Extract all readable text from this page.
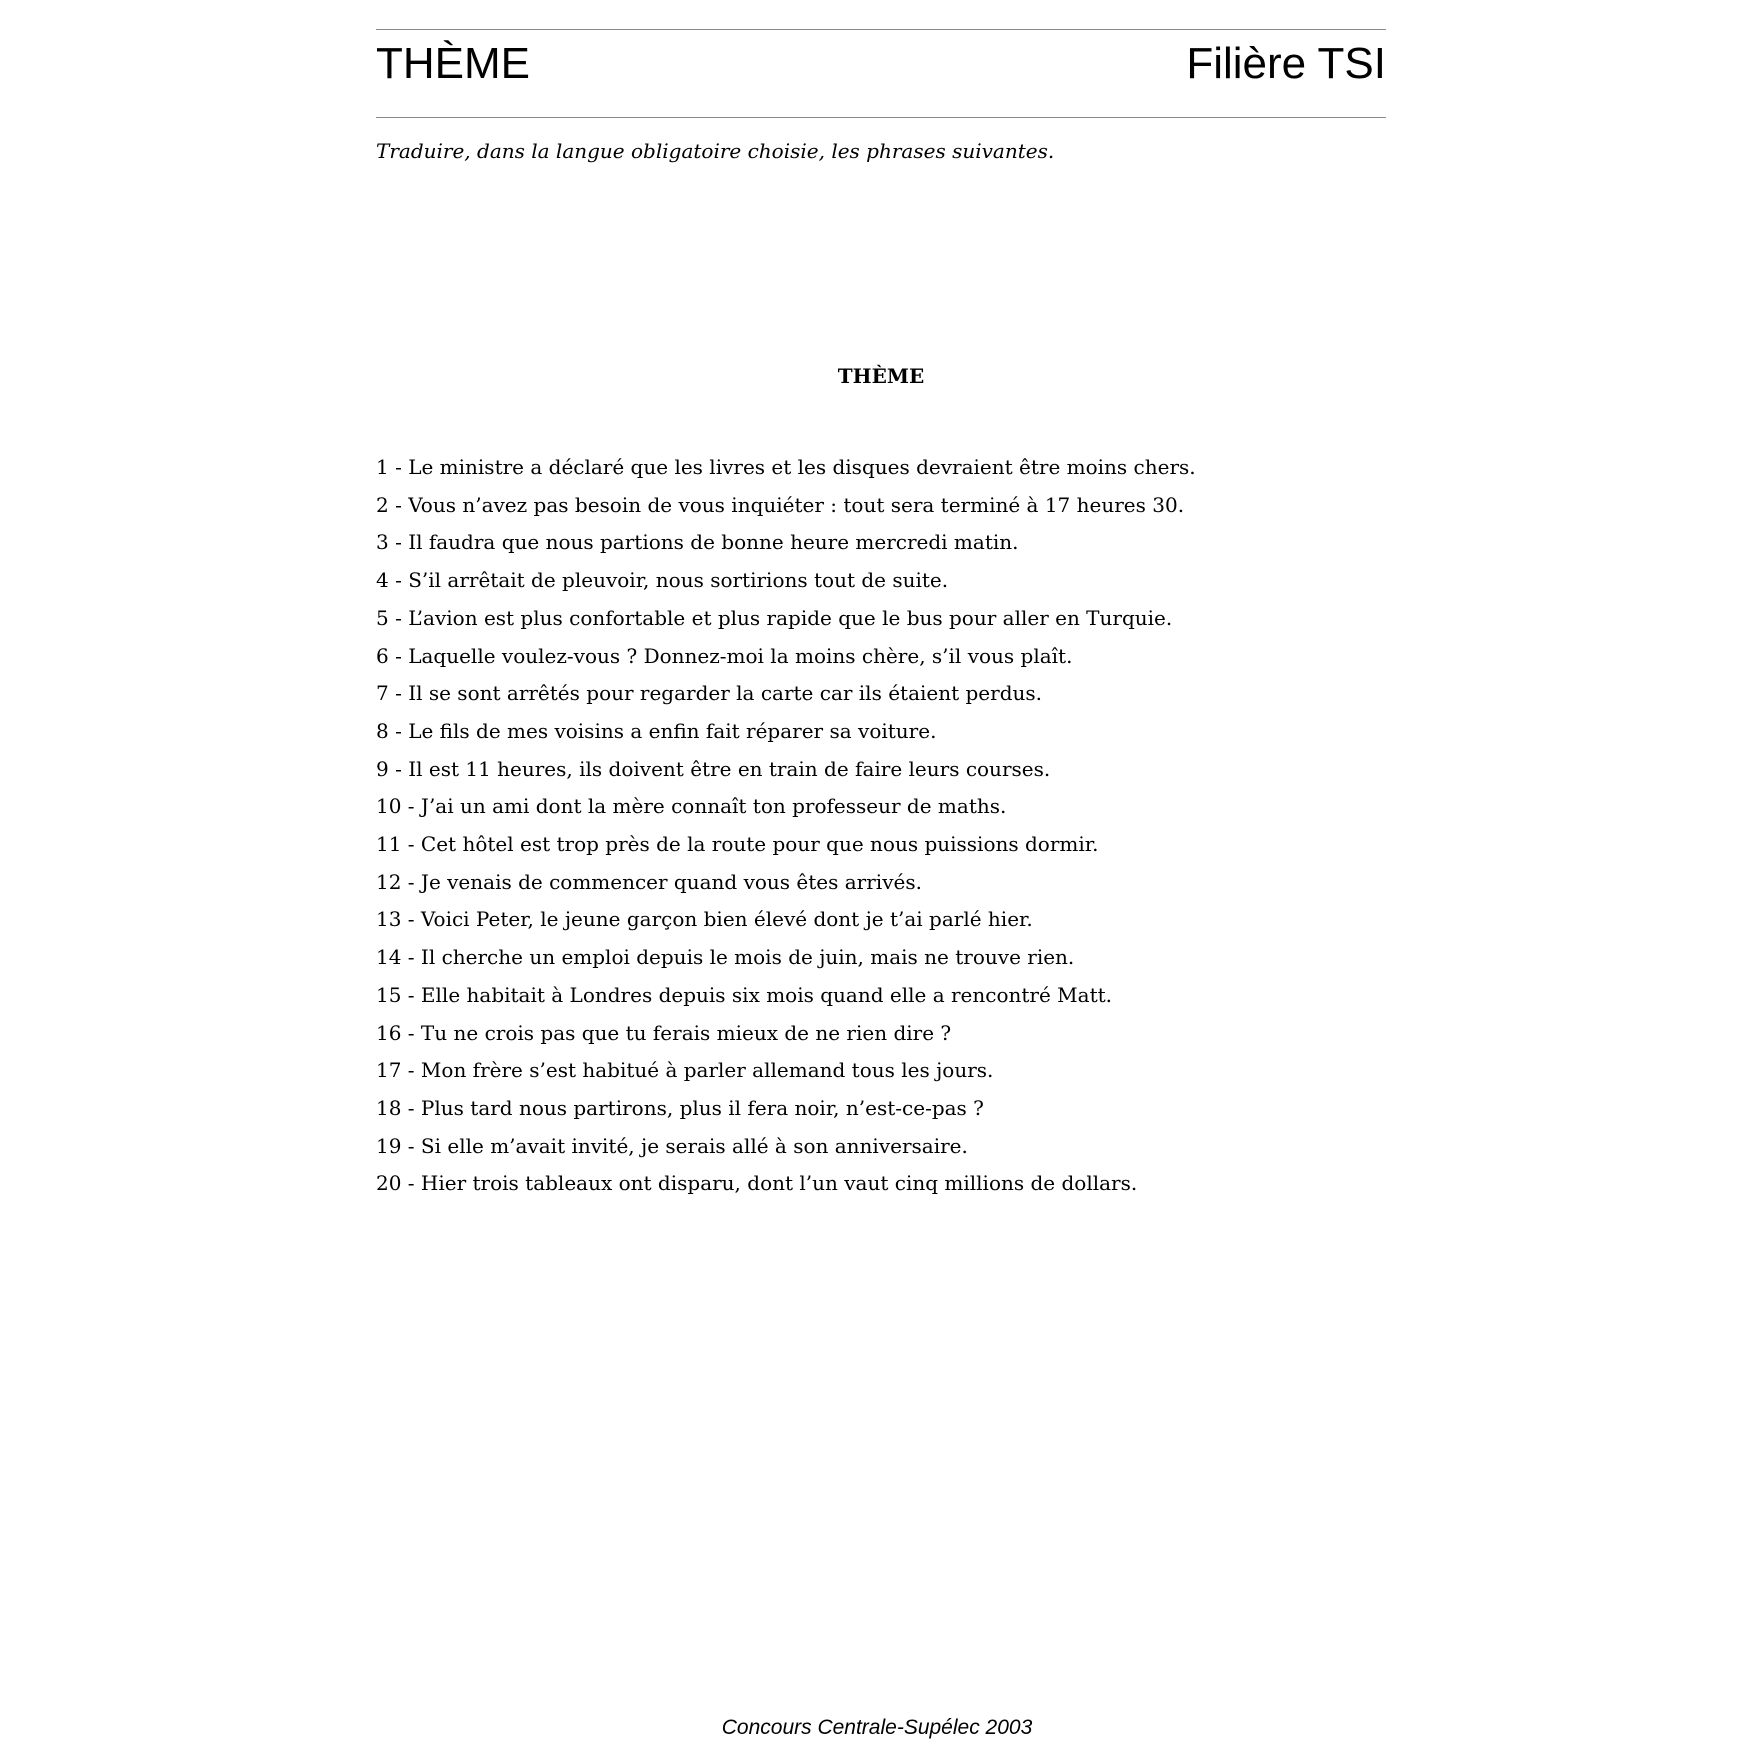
THÈME	Filière TSI
Traduire, dans la langue obligatoire choisie, les phrases suivantes.
THÈME
1 - Le ministre a déclaré que les livres et les disques devraient être moins chers.
2 - Vous n’avez pas besoin de vous inquiéter : tout sera terminé à 17 heures 30.
3 - Il faudra que nous partions de bonne heure mercredi matin.
4 - S’il arrêtait de pleuvoir, nous sortirions tout de suite.
5 - L’avion est plus confortable et plus rapide que le bus pour aller en Turquie.
6 - Laquelle voulez-vous ? Donnez-moi la moins chère, s’il vous plaît.
7 - Il se sont arrêtés pour regarder la carte car ils étaient perdus.
8 - Le fils de mes voisins a enfin fait réparer sa voiture.
9 - Il est 11 heures, ils doivent être en train de faire leurs courses.
10 - J’ai un ami dont la mère connaît ton professeur de maths.
11 - Cet hôtel est trop près de la route pour que nous puissions dormir.
12 - Je venais de commencer quand vous êtes arrivés.
13 - Voici Peter, le jeune garçon bien élevé dont je t’ai parlé hier.
14 - Il cherche un emploi depuis le mois de juin, mais ne trouve rien.
15 - Elle habitait à Londres depuis six mois quand elle a rencontré Matt.
16 - Tu ne crois pas que tu ferais mieux de ne rien dire ?
17 - Mon frère s’est habitué à parler allemand tous les jours.
18 - Plus tard nous partirons, plus il fera noir, n’est-ce-pas ?
19 - Si elle m’avait invité, je serais allé à son anniversaire.
20 - Hier trois tableaux ont disparu, dont l’un vaut cinq millions de dollars.
Concours Centrale-Supélec 2003
